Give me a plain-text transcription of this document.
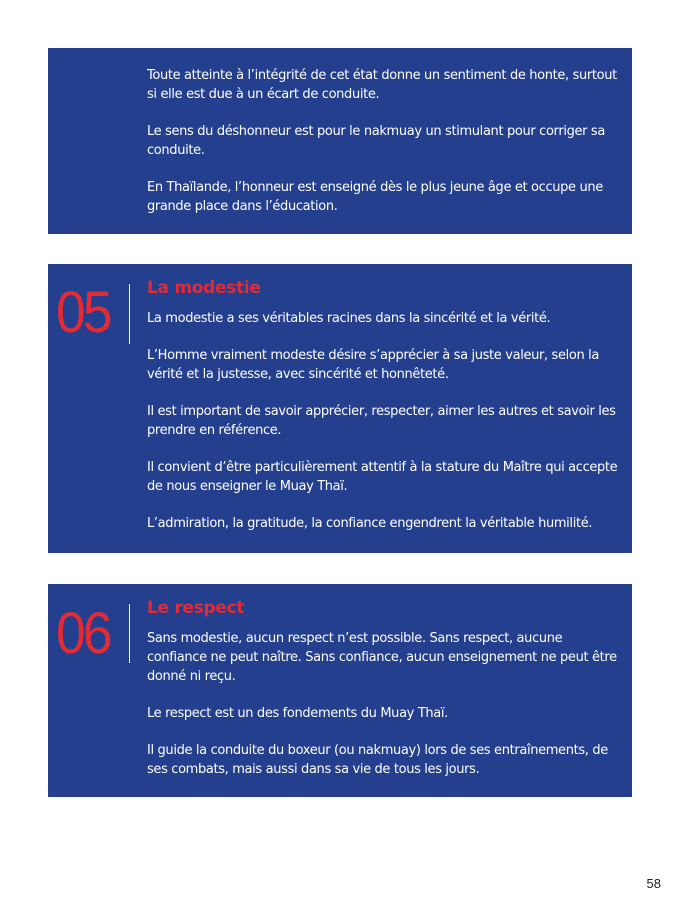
Toute atteinte à l’intégrité de cet état donne un sentiment de honte, surtout si elle est due à un écart de conduite.

Le sens du déshonneur est pour le nakmuay un stimulant pour corriger sa conduite.

En Thaïlande, l’honneur est enseigné dès le plus jeune âge et occupe une grande place dans l’éducation.

05 La modestie

La modestie a ses véritables racines dans la sincérité et la vérité.

L’Homme vraiment modeste désire s’apprécier à sa juste valeur, selon la vérité et la justesse, avec sincérité et honnêteté.

Il est important de savoir apprécier, respecter, aimer les autres et savoir les prendre en référence.

Il convient d’être particulièrement attentif à la stature du Maître qui accepte de nous enseigner le Muay Thaï.

L’admiration, la gratitude, la confiance engendrent la véritable humilité.

06 Le respect

Sans modestie, aucun respect n’est possible. Sans respect, aucune confiance ne peut naître. Sans confiance, aucun enseignement ne peut être donné ni reçu.

Le respect est un des fondements du Muay Thaï.

Il guide la conduite du boxeur (ou nakmuay) lors de ses entraînements, de ses combats, mais aussi dans sa vie de tous les jours.

58
